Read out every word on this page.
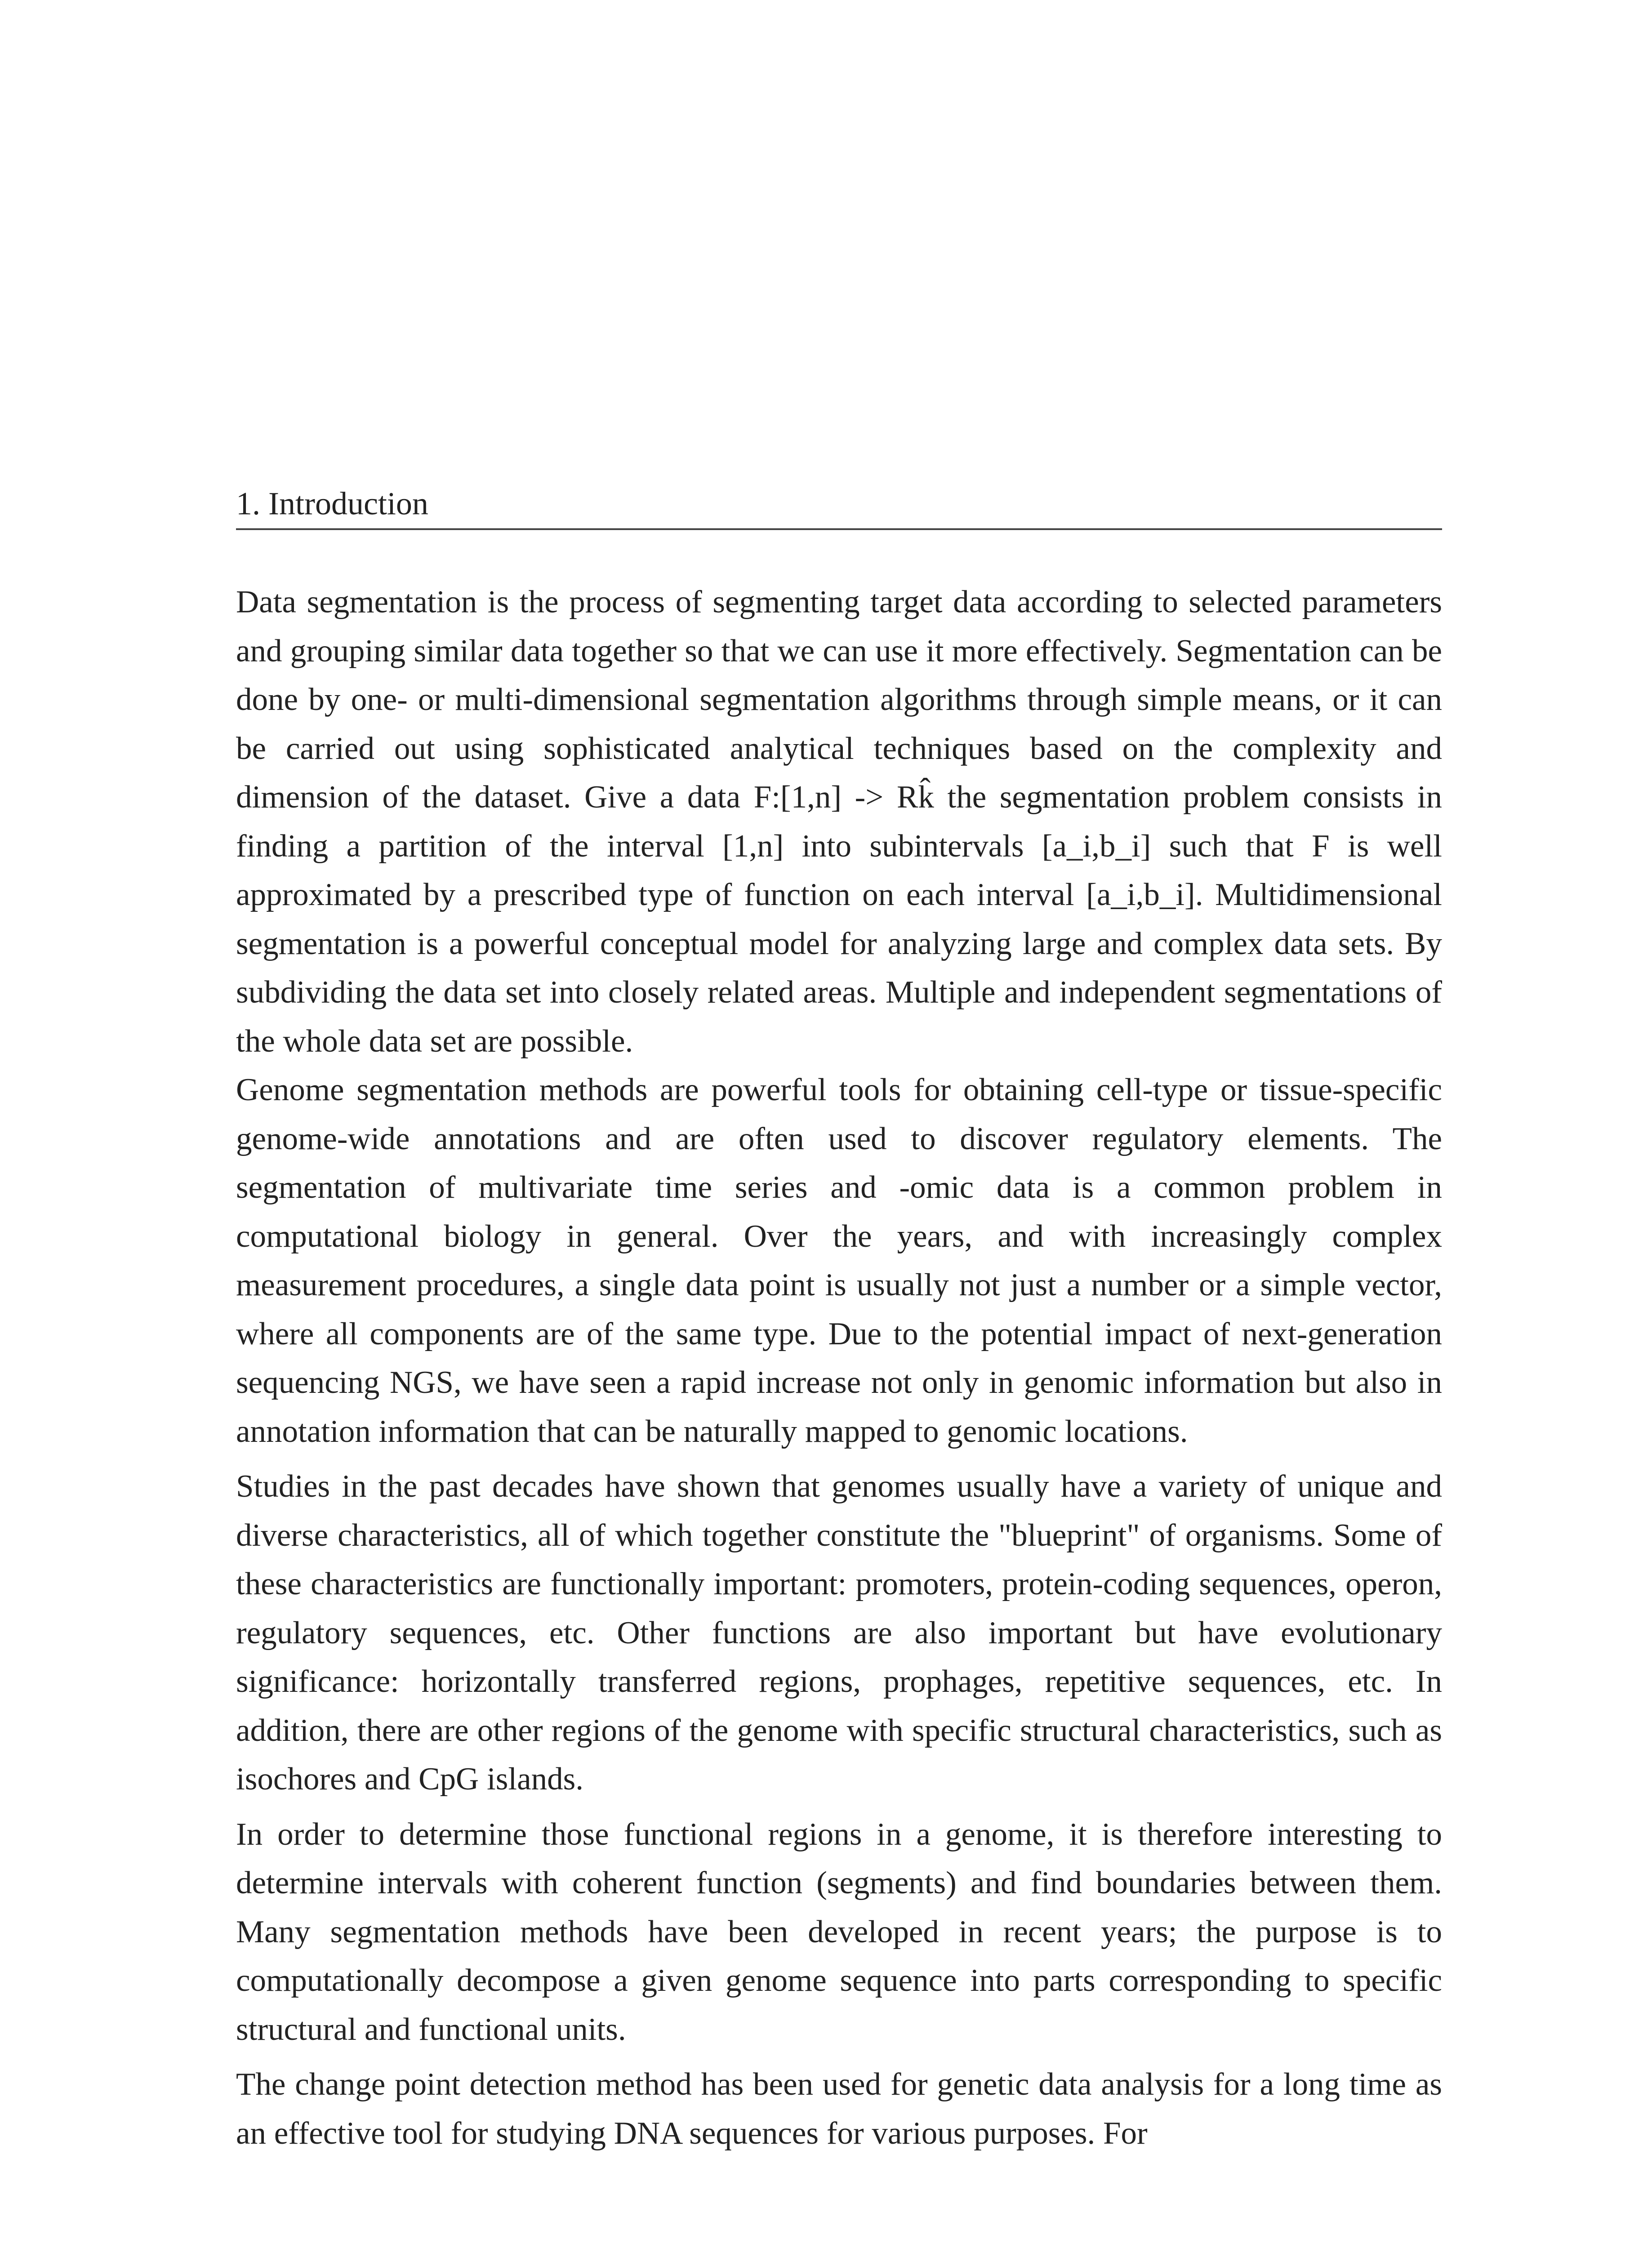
1. Introduction

Data segmentation is the process of segmenting target data according to selected parameters and grouping similar data together so that we can use it more effectively. Segmentation can be done by one- or multi-dimensional segmentation algorithms through simple means, or it can be carried out using sophisticated analytical techniques based on the complexity and dimension of the dataset. Give a data F:[1,n] -> Rk̂ the segmentation problem consists in finding a partition of the interval [1,n] into subintervals [a_i,b_i] such that F is well approximated by a prescribed type of function on each interval [a_i,b_i]. Multidimensional segmentation is a powerful conceptual model for analyzing large and complex data sets. By subdividing the data set into closely related areas. Multiple and independent segmentations of the whole data set are possible.

Genome segmentation methods are powerful tools for obtaining cell-type or tissue-specific genome-wide annotations and are often used to discover regulatory elements. The segmentation of multivariate time series and -omic data is a common problem in computational biology in general. Over the years, and with increasingly complex measurement procedures, a single data point is usually not just a number or a simple vector, where all components are of the same type. Due to the potential impact of next-generation sequencing NGS, we have seen a rapid increase not only in genomic information but also in annotation information that can be naturally mapped to genomic locations.

Studies in the past decades have shown that genomes usually have a variety of unique and diverse characteristics, all of which together constitute the "blueprint" of organisms. Some of these characteristics are functionally important: promoters, protein-coding sequences, operon, regulatory sequences, etc. Other functions are also important but have evolutionary significance: horizontally transferred regions, prophages, repetitive sequences, etc. In addition, there are other regions of the genome with specific structural characteristics, such as isochores and CpG islands.

In order to determine those functional regions in a genome, it is therefore interesting to determine intervals with coherent function (segments) and find boundaries between them. Many segmentation methods have been developed in recent years; the purpose is to computationally decompose a given genome sequence into parts corresponding to specific structural and functional units.

The change point detection method has been used for genetic data analysis for a long time as an effective tool for studying DNA sequences for various purposes. For
